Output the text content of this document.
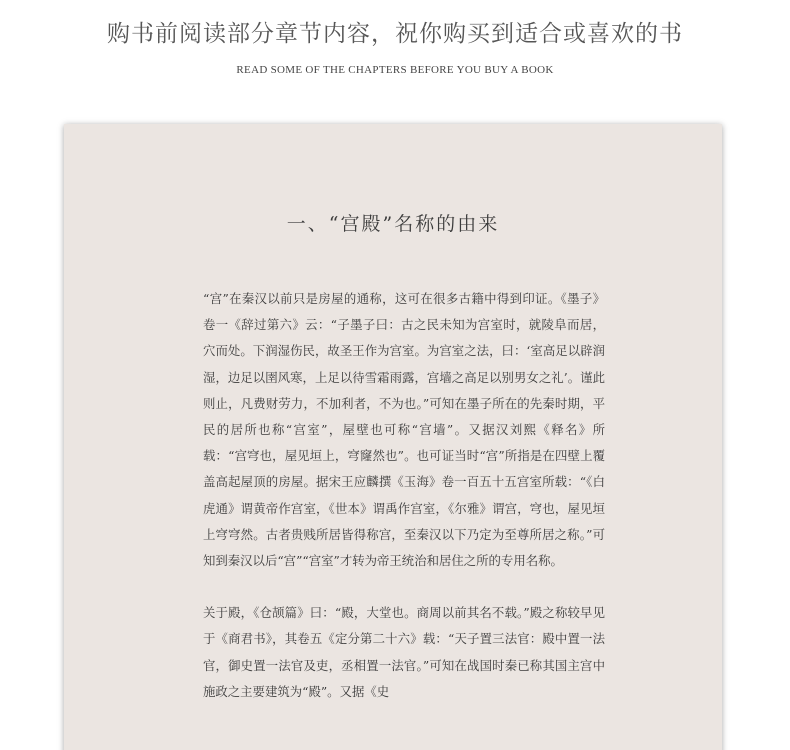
购书前阅读部分章节内容，祝你购买到适合或喜欢的书
READ SOME OF THE CHAPTERS BEFORE YOU BUY A BOOK
一、“宫殿”名称的由来

“宫”在秦汉以前只是房屋的通称，这可在很多古籍中得到印证。《墨子》卷一《辞过第六》云：“子墨子曰：古之民未知为宫室时，就陵阜而居，穴而处。下润湿伤民，故圣王作为宫室。为宫室之法，曰：‘室高足以辟润湿，边足以圉风寒，上足以待雪霜雨露，宫墙之高足以别男女之礼’。谨此则止，凡费财劳力，不加利者，不为也。”可知在墨子所在的先秦时期，平民的居所也称“宫室”，屋壁也可称“宫墙”。又据汉刘熙《释名》所载：“宫穹也，屋见垣上，穹窿然也”。也可证当时“宫”所指是在四壁上覆盖高起屋顶的房屋。据宋王应麟撰《玉海》卷一百五十五宫室所载：“《白虎通》谓黄帝作宫室，《世本》谓禹作宫室，《尔雅》谓宫，穹也，屋见垣上穹穹然。古者贵贱所居皆得称宫，至秦汉以下乃定为至尊所居之称。”可知到秦汉以后“宫”“宫室”才转为帝王统治和居住之所的专用名称。

关于殿，《仓颉篇》曰：“殿，大堂也。商周以前其名不载。”殿之称较早见于《商君书》，其卷五《定分第二十六》载：“天子置三法官：殿中置一法官，御史置一法官及吏，丞相置一法官。”可知在战国时秦已称其国主宫中施政之主要建筑为“殿”。又据《史
